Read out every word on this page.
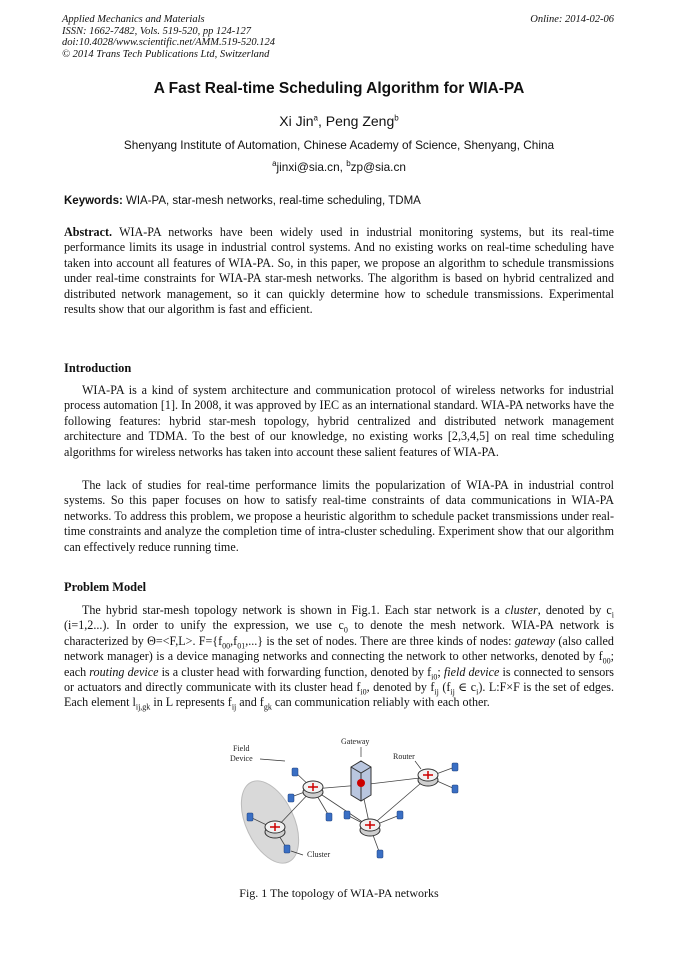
Applied Mechanics and Materials
ISSN: 1662-7482, Vols. 519-520, pp 124-127
doi:10.4028/www.scientific.net/AMM.519-520.124
© 2014 Trans Tech Publications Ltd, Switzerland
Online: 2014-02-06
A Fast Real-time Scheduling Algorithm for WIA-PA
Xi Jin$^a$, Peng Zeng$^b$
Shenyang Institute of Automation, Chinese Academy of Science, Shenyang, China
$^a$jinxi@sia.cn, $^b$zp@sia.cn
Keywords: WIA-PA, star-mesh networks, real-time scheduling, TDMA
Abstract. WIA-PA networks have been widely used in industrial monitoring systems, but its real-time performance limits its usage in industrial control systems. And no existing works on real-time scheduling have taken into account all features of WIA-PA. So, in this paper, we propose an algorithm to schedule transmissions under real-time constraints for WIA-PA star-mesh networks. The algorithm is based on hybrid centralized and distributed network management, so it can quickly determine how to schedule transmissions. Experimental results show that our algorithm is fast and efficient.
Introduction
WIA-PA is a kind of system architecture and communication protocol of wireless networks for industrial process automation [1]. In 2008, it was approved by IEC as an international standard. WIA-PA networks have the following features: hybrid star-mesh topology, hybrid centralized and distributed network management architecture and TDMA. To the best of our knowledge, no existing works [2,3,4,5] on real time scheduling algorithms for wireless networks has taken into account these salient features of WIA-PA.
The lack of studies for real-time performance limits the popularization of WIA-PA in industrial control systems. So this paper focuses on how to satisfy real-time constraints of data communications in WIA-PA networks. To address this problem, we propose a heuristic algorithm to schedule packet transmissions under real-time constraints and analyze the completion time of intra-cluster scheduling. Experiment show that our algorithm can effectively reduce running time.
Problem Model
The hybrid star-mesh topology network is shown in Fig.1. Each star network is a cluster, denoted by $c_i$ (i=1,2...). In order to unify the expression, we use $c_0$ to denote the mesh network. WIA-PA network is characterized by Θ=<F,L>. $F=\{f_{00},f_{01},...\}$ is the set of nodes. There are three kinds of nodes: gateway (also called network manager) is a device managing networks and connecting the network to other networks, denoted by $f_{00}$; each routing device is a cluster head with forwarding function, denoted by $f_{i0}$; field device is connected to sensors or actuators and directly communicate with its cluster head $f_{i0}$, denoted by $f_{ij}$ ($f_{ij}$ ∈ $c_i$). L:F×F is the set of edges. Each element $l_{ij,gk}$ in L represents $f_{ij}$ and $f_{gk}$ can communication reliably with each other.
Field
Device
Gateway
Router
Cluster
Fig. 1 The topology of WIA-PA networks
